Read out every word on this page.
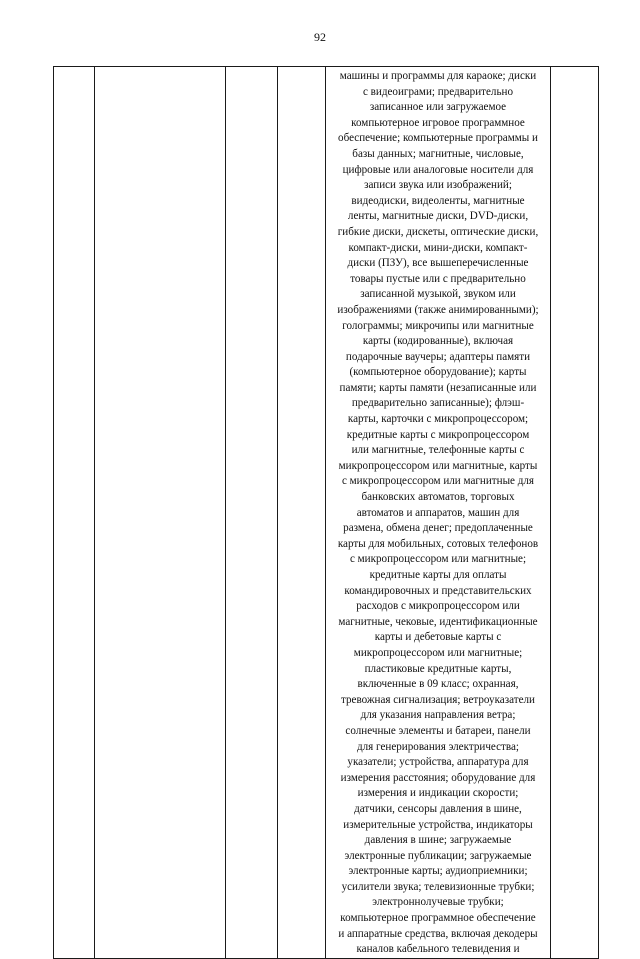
92

машины и программы для караоке; диски
с видеоиграми; предварительно
записанное или загружаемое
компьютерное игровое программное
обеспечение; компьютерные программы и
базы данных; магнитные, числовые,
цифровые или аналоговые носители для
записи звука или изображений;
видеодиски, видеоленты, магнитные
ленты, магнитные диски, DVD-диски,
гибкие диски, дискеты, оптические диски,
компакт-диски, мини-диски, компакт-
диски (ПЗУ), все вышеперечисленные
товары пустые или с предварительно
записанной музыкой, звуком или
изображениями (также анимированными);
голограммы; микрочипы или магнитные
карты (кодированные), включая
подарочные ваучеры; адаптеры памяти
(компьютерное оборудование); карты
памяти; карты памяти (незаписанные или
предварительно записанные); флэш-
карты, карточки с микропроцессором;
кредитные карты с микропроцессором
или магнитные, телефонные карты с
микропроцессором или магнитные, карты
с микропроцессором или магнитные для
банковских автоматов, торговых
автоматов и аппаратов, машин для
размена, обмена денег; предоплаченные
карты для мобильных, сотовых телефонов
с микропроцессором или магнитные;
кредитные карты для оплаты
командировочных и представительских
расходов с микропроцессором или
магнитные, чековые, идентификационные
карты и дебетовые карты с
микропроцессором или магнитные;
пластиковые кредитные карты,
включенные в 09 класс; охранная,
тревожная сигнализация; ветроуказатели
для указания направления ветра;
солнечные элементы и батареи, панели
для генерирования электричества;
указатели; устройства, аппаратура для
измерения расстояния; оборудование для
измерения и индикации скорости;
датчики, сенсоры давления в шине,
измерительные устройства, индикаторы
давления в шине; загружаемые
электронные публикации; загружаемые
электронные карты; аудиоприемники;
усилители звука; телевизионные трубки;
электроннолучевые трубки;
компьютерное программное обеспечение
и аппаратные средства, включая декодеры
каналов кабельного телевидения и
